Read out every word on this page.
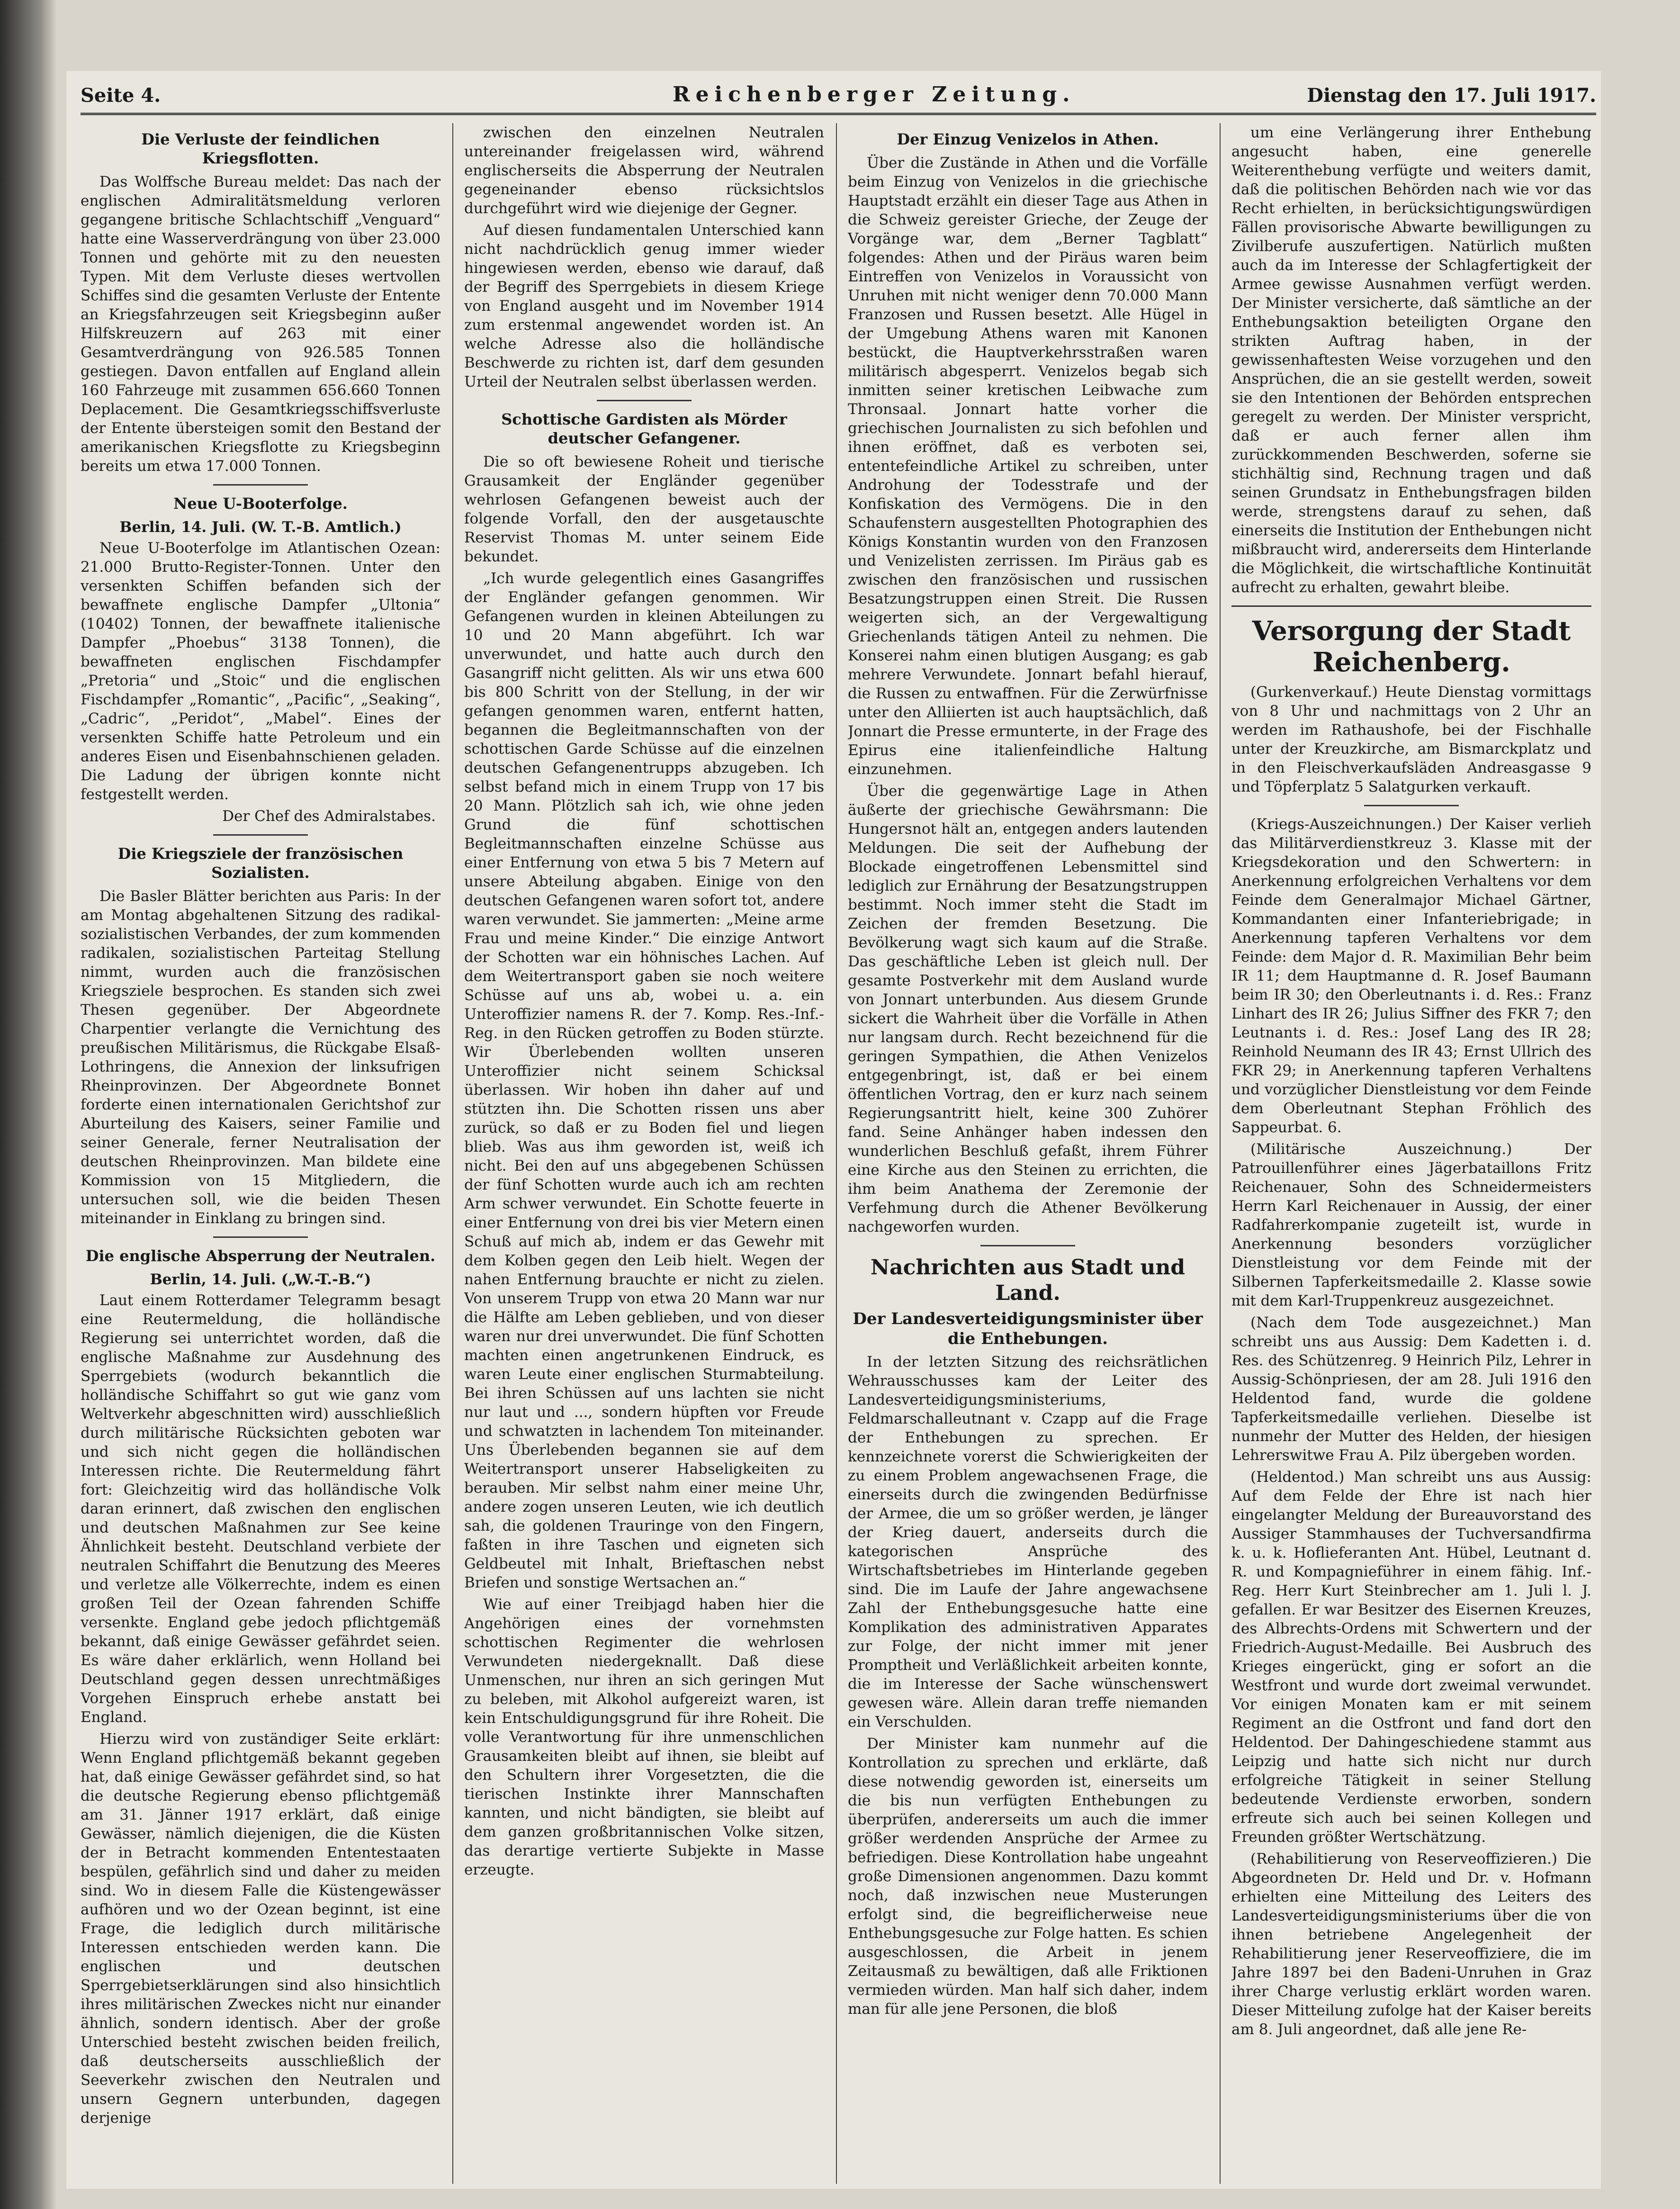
Seite 4.	Reichenberger Zeitung.	Dienstag den 17. Juli 1917.
Die Verluste der feindlichen Kriegsflotten.

Das Wolffsche Bureau meldet: Das nach der englischen Admiralitätsmeldung verloren gegangene britische Schlachtschiff „Venguard“ hatte eine Wasserverdrängung von über 23.000 Tonnen und gehörte mit zu den neuesten Typen. Mit dem Verluste dieses wertvollen Schiffes sind die gesamten Verluste der Entente an Kriegsfahrzeugen seit Kriegsbeginn außer Hilfskreuzern auf 263 mit einer Gesamtverdrängung von 926.585 Tonnen gestiegen. Davon entfallen auf England allein 160 Fahrzeuge mit zusammen 656.660 Tonnen Deplacement. Die Gesamtkriegsschiffsverluste der Entente übersteigen somit den Bestand der amerikanischen Kriegsflotte zu Kriegsbeginn bereits um etwa 17.000 Tonnen.

Neue U-Booterfolge.
Berlin, 14. Juli. (W. T.-B. Amtlich.)

Neue U-Booterfolge im Atlantischen Ozean: 21.000 Brutto-Register-Tonnen. Unter den versenkten Schiffen befanden sich der bewaffnete englische Dampfer „Ultonia“ (10402) Tonnen, der bewaffnete italienische Dampfer „Phoebus“ 3138 Tonnen), die bewaffneten englischen Fischdampfer „Pretoria“ und „Stoic“ und die englischen Fischdampfer „Romantic“, „Pacific“, „Seaking“, „Cadric“, „Peridot“, „Mabel“. Eines der versenkten Schiffe hatte Petroleum und ein anderes Eisen und Eisenbahnschienen geladen. Die Ladung der übrigen konnte nicht festgestellt werden.

Der Chef des Admiralstabes.
Die Kriegsziele der französischen Sozialisten.

Die Basler Blätter berichten aus Paris: In der am Montag abgehaltenen Sitzung des radikal-sozialistischen Verbandes, der zum kommenden radikalen, sozialistischen Parteitag Stellung nimmt, wurden auch die französischen Kriegsziele besprochen. Es standen sich zwei Thesen gegenüber. Der Abgeordnete Charpentier verlangte die Vernichtung des preußischen Militärismus, die Rückgabe Elsaß-Lothringens, die Annexion der linksufrigen Rheinprovinzen. Der Abgeordnete Bonnet forderte einen internationalen Gerichtshof zur Aburteilung des Kaisers, seiner Familie und seiner Generale, ferner Neutralisation der deutschen Rheinprovinzen. Man bildete eine Kommission von 15 Mitgliedern, die untersuchen soll, wie die beiden Thesen miteinander in Einklang zu bringen sind.

Die englische Absperrung der Neutralen.
Berlin, 14. Juli. („W.-T.-B.“)

Laut einem Rotterdamer Telegramm besagt eine Reutermeldung, die holländische Regierung sei unterrichtet worden, daß die englische Maßnahme zur Ausdehnung des Sperrgebiets (wodurch bekanntlich die holländische Schiffahrt so gut wie ganz vom Weltverkehr abgeschnitten wird) ausschließlich durch militärische Rücksichten geboten war und sich nicht gegen die holländischen Interessen richte. Die Reutermeldung fährt fort: Gleichzeitig wird das holländische Volk daran erinnert, daß zwischen den englischen und deutschen Maßnahmen zur See keine Ähnlichkeit besteht. Deutschland verbiete der neutralen Schiffahrt die Benutzung des Meeres und verletze alle Völkerrechte, indem es einen großen Teil der Ozean fahrenden Schiffe versenkte. England gebe jedoch pflichtgemäß bekannt, daß einige Gewässer gefährdet seien. Es wäre daher erklärlich, wenn Holland bei Deutschland gegen dessen unrechtmäßiges Vorgehen Einspruch erhebe anstatt bei England.

Hierzu wird von zuständiger Seite erklärt: Wenn England pflichtgemäß bekannt gegeben hat, daß einige Gewässer gefährdet sind, so hat die deutsche Regierung ebenso pflichtgemäß am 31. Jänner 1917 erklärt, daß einige Gewässer, nämlich diejenigen, die die Küsten der in Betracht kommenden Ententestaaten bespülen, gefährlich sind und daher zu meiden sind. Wo in diesem Falle die Küstengewässer aufhören und wo der Ozean beginnt, ist eine Frage, die lediglich durch militärische Interessen entschieden werden kann. Die englischen und deutschen Sperrgebietserklärungen sind also hinsichtlich ihres militärischen Zweckes nicht nur einander ähnlich, sondern identisch. Aber der große Unterschied besteht zwischen beiden freilich, daß deutscherseits ausschließlich der Seeverkehr zwischen den Neutralen und unsern Gegnern unterbunden, dagegen derjenige

zwischen den einzelnen Neutralen untereinander freigelassen wird, während englischerseits die Absperrung der Neutralen gegeneinander ebenso rücksichtslos durchgeführt wird wie diejenige der Gegner.

Auf diesen fundamentalen Unterschied kann nicht nachdrücklich genug immer wieder hingewiesen werden, ebenso wie darauf, daß der Begriff des Sperrgebiets in diesem Kriege von England ausgeht und im November 1914 zum erstenmal angewendet worden ist. An welche Adresse also die holländische Beschwerde zu richten ist, darf dem gesunden Urteil der Neutralen selbst überlassen werden.

Schottische Gardisten als Mörder deutscher Gefangener.

Die so oft bewiesene Roheit und tierische Grausamkeit der Engländer gegenüber wehrlosen Gefangenen beweist auch der folgende Vorfall, den der ausgetauschte Reservist Thomas M. unter seinem Eide bekundet.

„Ich wurde gelegentlich eines Gasangriffes der Engländer gefangen genommen. Wir Gefangenen wurden in kleinen Abteilungen zu 10 und 20 Mann abgeführt. Ich war unverwundet, und hatte auch durch den Gasangriff nicht gelitten. Als wir uns etwa 600 bis 800 Schritt von der Stellung, in der wir gefangen genommen waren, entfernt hatten, begannen die Begleitmannschaften von der schottischen Garde Schüsse auf die einzelnen deutschen Gefangenentrupps abzugeben. Ich selbst befand mich in einem Trupp von 17 bis 20 Mann. Plötzlich sah ich, wie ohne jeden Grund die fünf schottischen Begleitmannschaften einzelne Schüsse aus einer Entfernung von etwa 5 bis 7 Metern auf unsere Abteilung abgaben. Einige von den deutschen Gefangenen waren sofort tot, andere waren verwundet. Sie jammerten: „Meine arme Frau und meine Kinder.“ Die einzige Antwort der Schotten war ein höhnisches Lachen. Auf dem Weitertransport gaben sie noch weitere Schüsse auf uns ab, wobei u. a. ein Unteroffizier namens R. der 7. Komp. Res.-Inf.-Reg. in den Rücken getroffen zu Boden stürzte. Wir Überlebenden wollten unseren Unteroffizier nicht seinem Schicksal überlassen. Wir hoben ihn daher auf und stützten ihn. Die Schotten rissen uns aber zurück, so daß er zu Boden fiel und liegen blieb. Was aus ihm geworden ist, weiß ich nicht. Bei den auf uns abgegebenen Schüssen der fünf Schotten wurde auch ich am rechten Arm schwer verwundet. Ein Schotte feuerte in einer Entfernung von drei bis vier Metern einen Schuß auf mich ab, indem er das Gewehr mit dem Kolben gegen den Leib hielt. Wegen der nahen Entfernung brauchte er nicht zu zielen. Von unserem Trupp von etwa 20 Mann war nur die Hälfte am Leben geblieben, und von dieser waren nur drei unverwundet. Die fünf Schotten machten einen angetrunkenen Eindruck, es waren Leute einer englischen Sturmabteilung. Bei ihren Schüssen auf uns lachten sie nicht nur laut und ..., sondern hüpften vor Freude und schwatzten in lachendem Ton miteinander. Uns Überlebenden begannen sie auf dem Weitertransport unserer Habseligkeiten zu berauben. Mir selbst nahm einer meine Uhr, andere zogen unseren Leuten, wie ich deutlich sah, die goldenen Trauringe von den Fingern, faßten in ihre Taschen und eigneten sich Geldbeutel mit Inhalt, Brieftaschen nebst Briefen und sonstige Wertsachen an.“

Wie auf einer Treibjagd haben hier die Angehörigen eines der vornehmsten schottischen Regimenter die wehrlosen Verwundeten niedergeknallt. Daß diese Unmenschen, nur ihren an sich geringen Mut zu beleben, mit Alkohol aufgereizt waren, ist kein Entschuldigungsgrund für ihre Roheit. Die volle Verantwortung für ihre unmenschlichen Grausamkeiten bleibt auf ihnen, sie bleibt auf den Schultern ihrer Vorgesetzten, die die tierischen Instinkte ihrer Mannschaften kannten, und nicht bändigten, sie bleibt auf dem ganzen großbritannischen Volke sitzen, das derartige vertierte Subjekte in Masse erzeugte.

Der Einzug Venizelos in Athen.

Über die Zustände in Athen und die Vorfälle beim Einzug von Venizelos in die griechische Hauptstadt erzählt ein dieser Tage aus Athen in die Schweiz gereister Grieche, der Zeuge der Vorgänge war, dem „Berner Tagblatt“ folgendes: Athen und der Piräus waren beim Eintreffen von Venizelos in Voraussicht von Unruhen mit nicht weniger denn 70.000 Mann Franzosen und Russen besetzt. Alle Hügel in der Umgebung Athens waren mit Kanonen bestückt, die Hauptverkehrsstraßen waren militärisch abgesperrt. Venizelos begab sich inmitten seiner kretischen Leibwache zum Thronsaal. Jonnart hatte vorher die griechischen Journalisten zu sich befohlen und ihnen eröffnet, daß es verboten sei, ententefeindliche Artikel zu schreiben, unter Androhung der Todesstrafe und der Konfiskation des Vermögens. Die in den Schaufenstern ausgestellten Photographien des Königs Konstantin wurden von den Franzosen und Venizelisten zerrissen. Im Piräus gab es zwischen den französischen und russischen Besatzungstruppen einen Streit. Die Russen weigerten sich, an der Vergewaltigung Griechenlands tätigen Anteil zu nehmen. Die Konserei nahm einen blutigen Ausgang; es gab mehrere Verwundete. Jonnart befahl hierauf, die Russen zu entwaffnen. Für die Zerwürfnisse unter den Alliierten ist auch hauptsächlich, daß Jonnart die Presse ermunterte, in der Frage des Epirus eine italienfeindliche Haltung einzunehmen.

Über die gegenwärtige Lage in Athen äußerte der griechische Gewährsmann: Die Hungersnot hält an, entgegen anders lautenden Meldungen. Die seit der Aufhebung der Blockade eingetroffenen Lebensmittel sind lediglich zur Ernährung der Besatzungstruppen bestimmt. Noch immer steht die Stadt im Zeichen der fremden Besetzung. Die Bevölkerung wagt sich kaum auf die Straße. Das geschäftliche Leben ist gleich null. Der gesamte Postverkehr mit dem Ausland wurde von Jonnart unterbunden. Aus diesem Grunde sickert die Wahrheit über die Vorfälle in Athen nur langsam durch. Recht bezeichnend für die geringen Sympathien, die Athen Venizelos entgegenbringt, ist, daß er bei einem öffentlichen Vortrag, den er kurz nach seinem Regierungsantritt hielt, keine 300 Zuhörer fand. Seine Anhänger haben indessen den wunderlichen Beschluß gefaßt, ihrem Führer eine Kirche aus den Steinen zu errichten, die ihm beim Anathema der Zeremonie der Verfehmung durch die Athener Bevölkerung nachgeworfen wurden.

Nachrichten aus Stadt und Land.
Der Landesverteidigungsminister über die Enthebungen.

In der letzten Sitzung des reichsrätlichen Wehrausschusses kam der Leiter des Landesverteidigungsministeriums, Feldmarschalleutnant v. Czapp auf die Frage der Enthebungen zu sprechen. Er kennzeichnete vorerst die Schwierigkeiten der zu einem Problem angewachsenen Frage, die einerseits durch die zwingenden Bedürfnisse der Armee, die um so größer werden, je länger der Krieg dauert, anderseits durch die kategorischen Ansprüche des Wirtschaftsbetriebes im Hinterlande gegeben sind. Die im Laufe der Jahre angewachsene Zahl der Enthebungsgesuche hatte eine Komplikation des administrativen Apparates zur Folge, der nicht immer mit jener Promptheit und Verläßlichkeit arbeiten konnte, die im Interesse der Sache wünschenswert gewesen wäre. Allein daran treffe niemanden ein Verschulden.

Der Minister kam nunmehr auf die Kontrollation zu sprechen und erklärte, daß diese notwendig geworden ist, einerseits um die bis nun verfügten Enthebungen zu überprüfen, andererseits um auch die immer größer werdenden Ansprüche der Armee zu befriedigen. Diese Kontrollation habe ungeahnt große Dimensionen angenommen. Dazu kommt noch, daß inzwischen neue Musterungen erfolgt sind, die begreiflicherweise neue Enthebungsgesuche zur Folge hatten. Es schien ausgeschlossen, die Arbeit in jenem Zeitausmaß zu bewältigen, daß alle Friktionen vermieden würden. Man half sich daher, indem man für alle jene Personen, die bloß

um eine Verlängerung ihrer Enthebung angesucht haben, eine generelle Weiterenthebung verfügte und weiters damit, daß die politischen Behörden nach wie vor das Recht erhielten, in berücksichtigungswürdigen Fällen provisorische Abwarte bewilligungen zu Zivilberufe auszufertigen. Natürlich mußten auch da im Interesse der Schlagfertigkeit der Armee gewisse Ausnahmen verfügt werden. Der Minister versicherte, daß sämtliche an der Enthebungsaktion beteiligten Organe den strikten Auftrag haben, in der gewissenhaftesten Weise vorzugehen und den Ansprüchen, die an sie gestellt werden, soweit sie den Intentionen der Behörden entsprechen geregelt zu werden. Der Minister verspricht, daß er auch ferner allen ihm zurückkommenden Beschwerden, soferne sie stichhältig sind, Rechnung tragen und daß seinen Grundsatz in Enthebungsfragen bilden werde, strengstens darauf zu sehen, daß einerseits die Institution der Enthebungen nicht mißbraucht wird, andererseits dem Hinterlande die Möglichkeit, die wirtschaftliche Kontinuität aufrecht zu erhalten, gewahrt bleibe.

Versorgung der Stadt Reichenberg.

(Gurkenverkauf.) Heute Dienstag vormittags von 8 Uhr und nachmittags von 2 Uhr an werden im Rathaushofe, bei der Fischhalle unter der Kreuzkirche, am Bismarckplatz und in den Fleischverkaufsläden Andreasgasse 9 und Töpferplatz 5 Salatgurken verkauft.

(Kriegs-Auszeichnungen.) Der Kaiser verlieh das Militärverdienstkreuz 3. Klasse mit der Kriegsdekoration und den Schwertern: in Anerkennung erfolgreichen Verhaltens vor dem Feinde dem Generalmajor Michael Gärtner, Kommandanten einer Infanteriebrigade; in Anerkennung tapferen Verhaltens vor dem Feinde: dem Major d. R. Maximilian Behr beim IR 11; dem Hauptmanne d. R. Josef Baumann beim IR 30; den Oberleutnants i. d. Res.: Franz Linhart des IR 26; Julius Siffner des FKR 7; den Leutnants i. d. Res.: Josef Lang des IR 28; Reinhold Neumann des IR 43; Ernst Ullrich des FKR 29; in Anerkennung tapferen Verhaltens und vorzüglicher Dienstleistung vor dem Feinde dem Oberleutnant Stephan Fröhlich des Sappeurbat. 6.

(Militärische Auszeichnung.) Der Patrouillenführer eines Jägerbataillons Fritz Reichenauer, Sohn des Schneidermeisters Herrn Karl Reichenauer in Aussig, der einer Radfahrerkompanie zugeteilt ist, wurde in Anerkennung besonders vorzüglicher Dienstleistung vor dem Feinde mit der Silbernen Tapferkeitsmedaille 2. Klasse sowie mit dem Karl-Truppenkreuz ausgezeichnet.

(Nach dem Tode ausgezeichnet.) Man schreibt uns aus Aussig: Dem Kadetten i. d. Res. des Schützenreg. 9 Heinrich Pilz, Lehrer in Aussig-Schönpriesen, der am 28. Juli 1916 den Heldentod fand, wurde die goldene Tapferkeitsmedaille verliehen. Dieselbe ist nunmehr der Mutter des Helden, der hiesigen Lehrerswitwe Frau A. Pilz übergeben worden.

(Heldentod.) Man schreibt uns aus Aussig: Auf dem Felde der Ehre ist nach hier eingelangter Meldung der Bureauvorstand des Aussiger Stammhauses der Tuchversandfirma k. u. k. Hoflieferanten Ant. Hübel, Leutnant d. R. und Kompagnieführer in einem fähig. Inf.-Reg. Herr Kurt Steinbrecher am 1. Juli l. J. gefallen. Er war Besitzer des Eisernen Kreuzes, des Albrechts-Ordens mit Schwertern und der Friedrich-August-Medaille. Bei Ausbruch des Krieges eingerückt, ging er sofort an die Westfront und wurde dort zweimal verwundet. Vor einigen Monaten kam er mit seinem Regiment an die Ostfront und fand dort den Heldentod. Der Dahingeschiedene stammt aus Leipzig und hatte sich nicht nur durch erfolgreiche Tätigkeit in seiner Stellung bedeutende Verdienste erworben, sondern erfreute sich auch bei seinen Kollegen und Freunden größter Wertschätzung.

(Rehabilitierung von Reserveoffizieren.) Die Abgeordneten Dr. Held und Dr. v. Hofmann erhielten eine Mitteilung des Leiters des Landesverteidigungsministeriums über die von ihnen betriebene Angelegenheit der Rehabilitierung jener Reserveoffiziere, die im Jahre 1897 bei den Badeni-Unruhen in Graz ihrer Charge verlustig erklärt worden waren. Dieser Mitteilung zufolge hat der Kaiser bereits am 8. Juli angeordnet, daß alle jene Re-
